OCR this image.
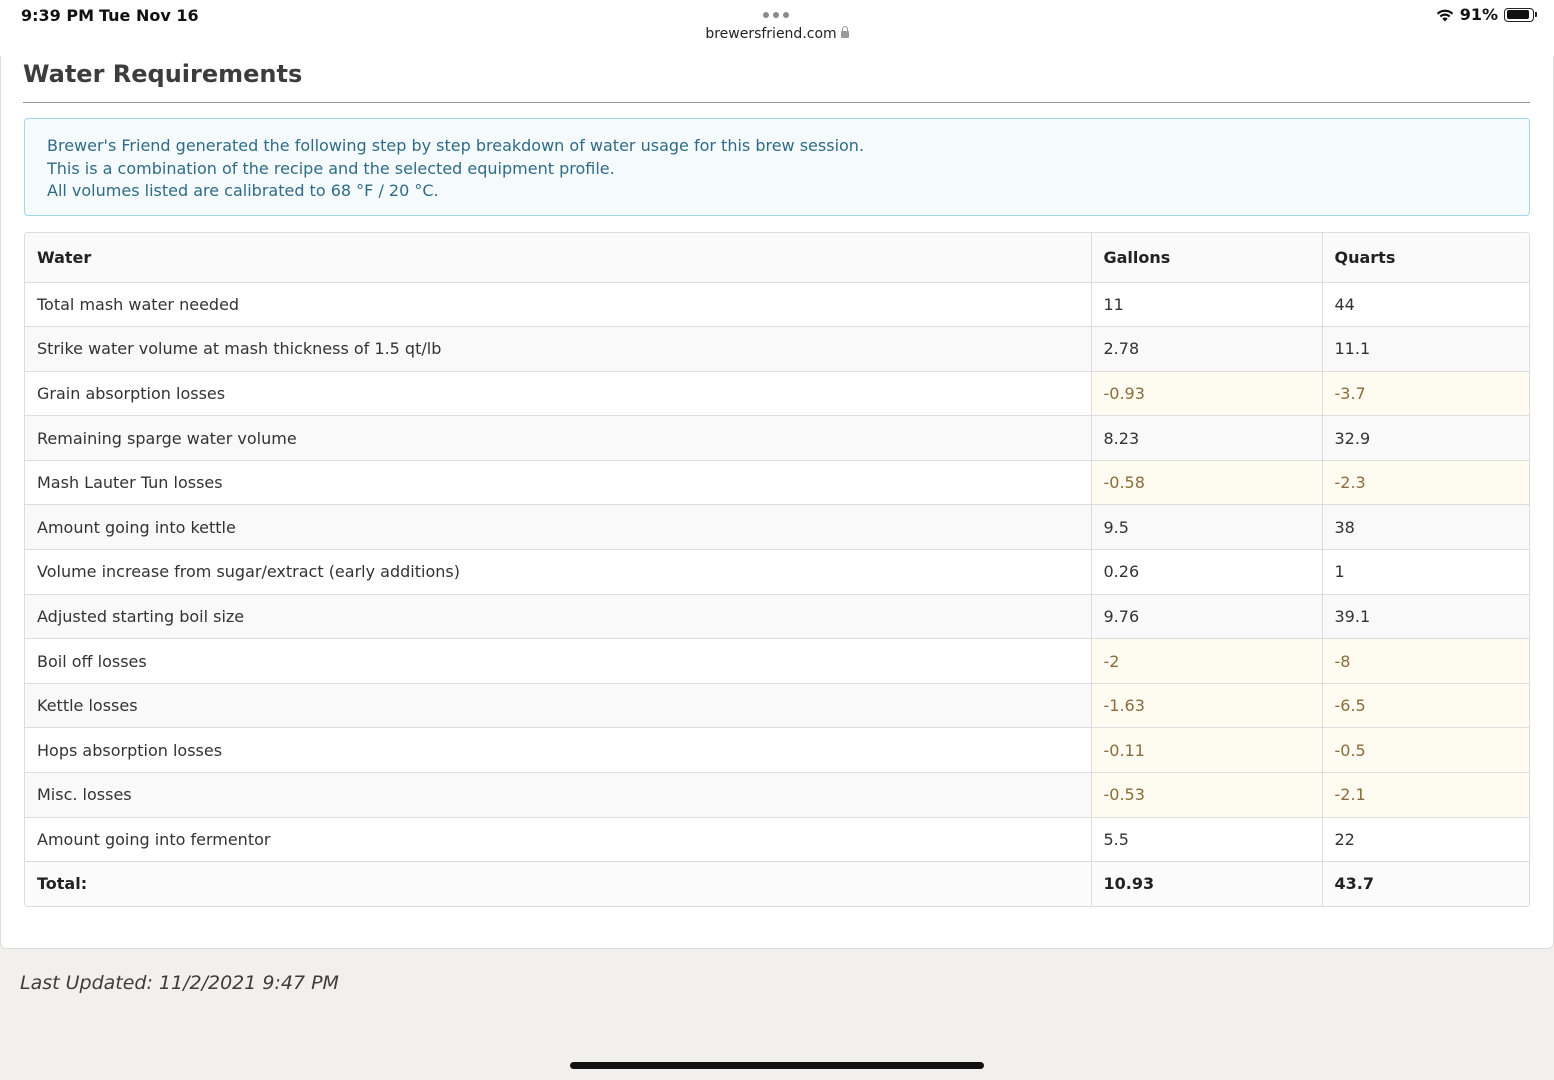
9:39 PM Tue Nov 16
brewersfriend.com
91%
Water Requirements
Brewer's Friend generated the following step by step breakdown of water usage for this brew session.
This is a combination of the recipe and the selected equipment profile.
All volumes listed are calibrated to 68 °F / 20 °C.
Water	Gallons	Quarts
Total mash water needed	11	44
Strike water volume at mash thickness of 1.5 qt/lb	2.78	11.1
Grain absorption losses	-0.93	-3.7
Remaining sparge water volume	8.23	32.9
Mash Lauter Tun losses	-0.58	-2.3
Amount going into kettle	9.5	38
Volume increase from sugar/extract (early additions)	0.26	1
Adjusted starting boil size	9.76	39.1
Boil off losses	-2	-8
Kettle losses	-1.63	-6.5
Hops absorption losses	-0.11	-0.5
Misc. losses	-0.53	-2.1
Amount going into fermentor	5.5	22
Total:	10.93	43.7
Last Updated: 11/2/2021 9:47 PM
